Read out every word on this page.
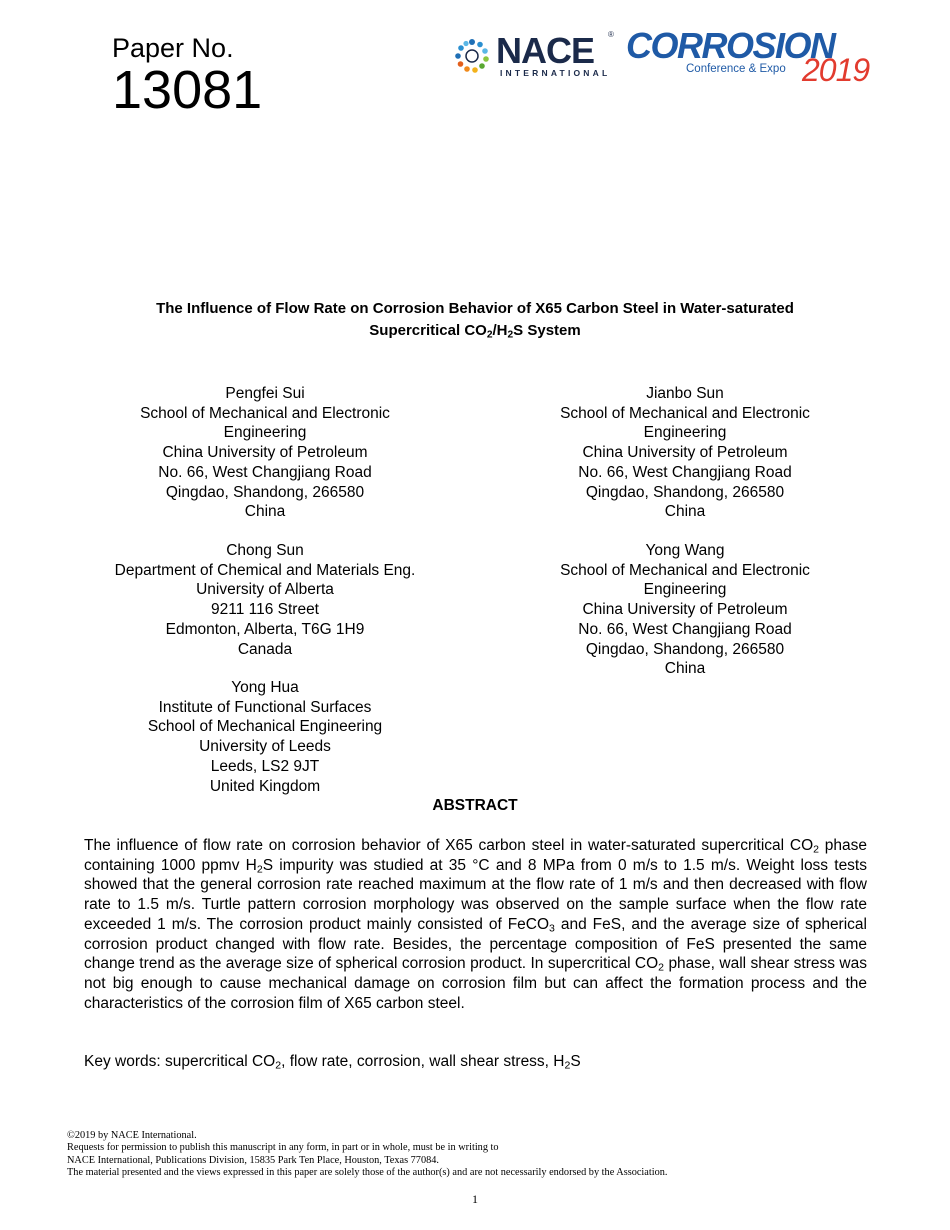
Paper No.
13081
NACE ®
INTERNATIONAL
CORROSION
Conference & Expo 2019
The Influence of Flow Rate on Corrosion Behavior of X65 Carbon Steel in Water-saturated
Supercritical $CO_2/H_2S$ System
Pengfei Sui
School of Mechanical and Electronic
Engineering
China University of Petroleum
No. 66, West Changjiang Road
Qingdao, Shandong, 266580
China
Jianbo Sun
School of Mechanical and Electronic
Engineering
China University of Petroleum
No. 66, West Changjiang Road
Qingdao, Shandong, 266580
China
Chong Sun
Department of Chemical and Materials Eng.
University of Alberta
9211 116 Street
Edmonton, Alberta, T6G 1H9
Canada
Yong Wang
School of Mechanical and Electronic
Engineering
China University of Petroleum
No. 66, West Changjiang Road
Qingdao, Shandong, 266580
China
Yong Hua
Institute of Functional Surfaces
School of Mechanical Engineering
University of Leeds
Leeds, LS2 9JT
United Kingdom
ABSTRACT
The influence of flow rate on corrosion behavior of X65 carbon steel in water-saturated supercritical $CO_2$ phase containing 1000 ppmv $H_2S$ impurity was studied at 35 °C and 8 MPa from 0 m/s to 1.5 m/s. Weight loss tests showed that the general corrosion rate reached maximum at the flow rate of 1 m/s and then decreased with flow rate to 1.5 m/s. Turtle pattern corrosion morphology was observed on the sample surface when the flow rate exceeded 1 m/s. The corrosion product mainly consisted of FeCO$_3$ and FeS, and the average size of spherical corrosion product changed with flow rate. Besides, the percentage composition of FeS presented the same change trend as the average size of spherical corrosion product. In supercritical $CO_2$ phase, wall shear stress was not big enough to cause mechanical damage on corrosion film but can affect the formation process and the characteristics of the corrosion film of X65 carbon steel.
Key words: supercritical $CO_2$, flow rate, corrosion, wall shear stress, $H_2S$
©2019 by NACE International.
Requests for permission to publish this manuscript in any form, in part or in whole, must be in writing to
NACE International, Publications Division, 15835 Park Ten Place, Houston, Texas 77084.
The material presented and the views expressed in this paper are solely those of the author(s) and are not necessarily endorsed by the Association.
1
